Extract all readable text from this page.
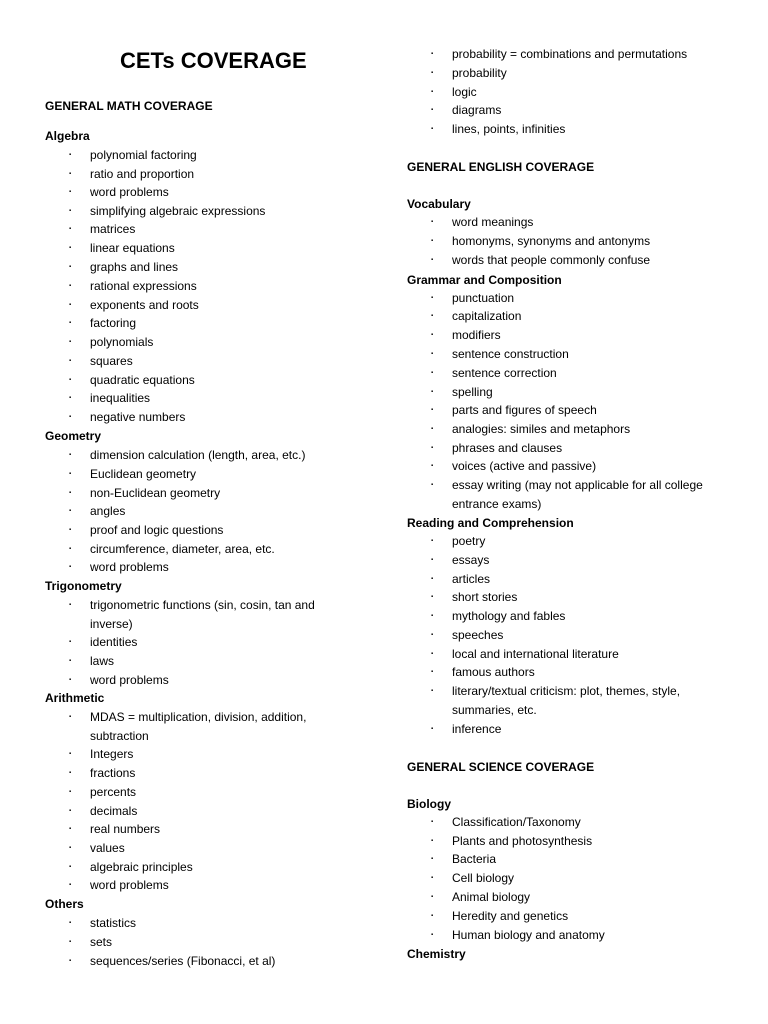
CETs COVERAGE
GENERAL MATH COVERAGE
Algebra
▪	polynomial factoring
▪	ratio and proportion
▪	word problems
▪	simplifying algebraic expressions
▪	matrices
▪	linear equations
▪	graphs and lines
▪	rational expressions
▪	exponents and roots
▪	factoring
▪	polynomials
▪	squares
▪	quadratic equations
▪	inequalities
▪	negative numbers
Geometry
▪	dimension calculation (length, area, etc.)
▪	Euclidean geometry
▪	non-Euclidean geometry
▪	angles
▪	proof and logic questions
▪	circumference, diameter, area, etc.
▪	word problems
Trigonometry
▪	trigonometric functions (sin, cosin, tan and inverse)
▪	identities
▪	laws
▪	word problems
Arithmetic
▪	MDAS = multiplication, division, addition, subtraction
▪	Integers
▪	fractions
▪	percents
▪	decimals
▪	real numbers
▪	values
▪	algebraic principles
▪	word problems
Others
▪	statistics
▪	sets
▪	sequences/series (Fibonacci, et al)
▪	probability = combinations and permutations
▪	probability
▪	logic
▪	diagrams
▪	lines, points, infinities
GENERAL ENGLISH COVERAGE
Vocabulary
▪	word meanings
▪	homonyms, synonyms and antonyms
▪	words that people commonly confuse
Grammar and Composition
▪	punctuation
▪	capitalization
▪	modifiers
▪	sentence construction
▪	sentence correction
▪	spelling
▪	parts and figures of speech
▪	analogies: similes and metaphors
▪	phrases and clauses
▪	voices (active and passive)
▪	essay writing (may not applicable for all college entrance exams)
Reading and Comprehension
▪	poetry
▪	essays
▪	articles
▪	short stories
▪	mythology and fables
▪	speeches
▪	local and international literature
▪	famous authors
▪	literary/textual criticism: plot, themes, style, summaries, etc.
▪	inference
GENERAL SCIENCE COVERAGE
Biology
▪	Classification/Taxonomy
▪	Plants and photosynthesis
▪	Bacteria
▪	Cell biology
▪	Animal biology
▪	Heredity and genetics
▪	Human biology and anatomy
Chemistry
